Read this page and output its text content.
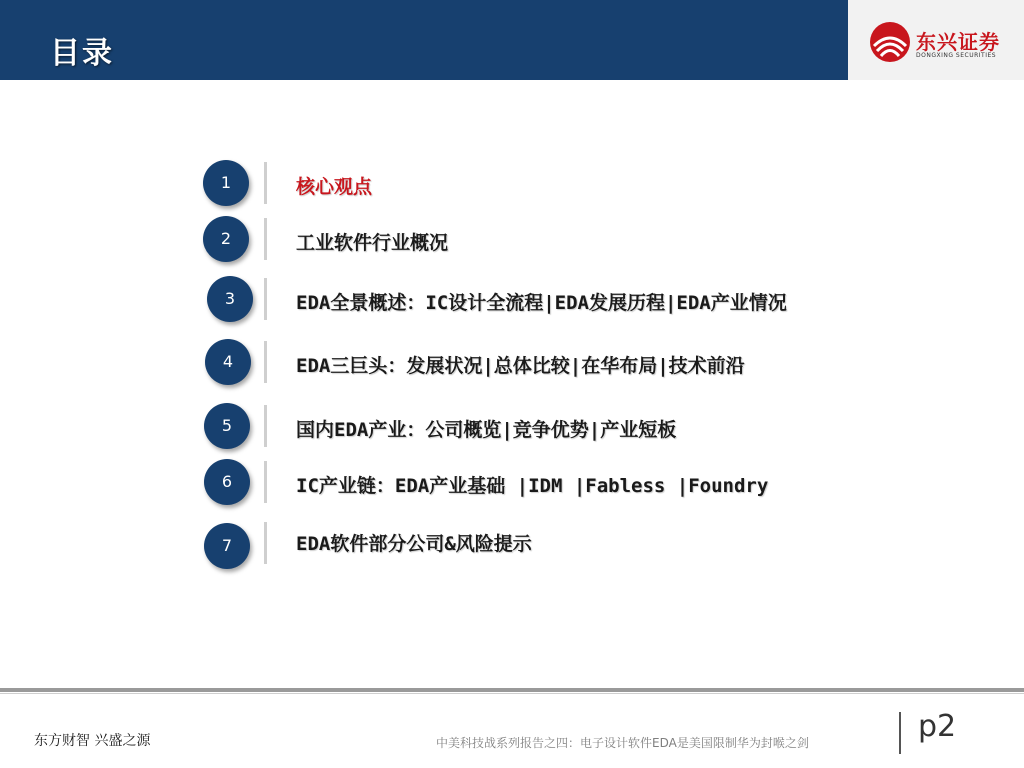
目录	东兴证券
DONGXING SECURITIES
1	核心观点
2	工业软件行业概况
3	EDA全景概述：IC设计全流程|EDA发展历程|EDA产业情况
4	EDA三巨头：发展状况|总体比较|在华布局|技术前沿
5	国内EDA产业：公司概览|竞争优势|产业短板
6	IC产业链：EDA产业基础 |IDM |Fabless |Foundry
7	EDA软件部分公司&风险提示
东方财智 兴盛之源	中美科技战系列报告之四：电子设计软件EDA是美国限制华为封喉之剑	p2
